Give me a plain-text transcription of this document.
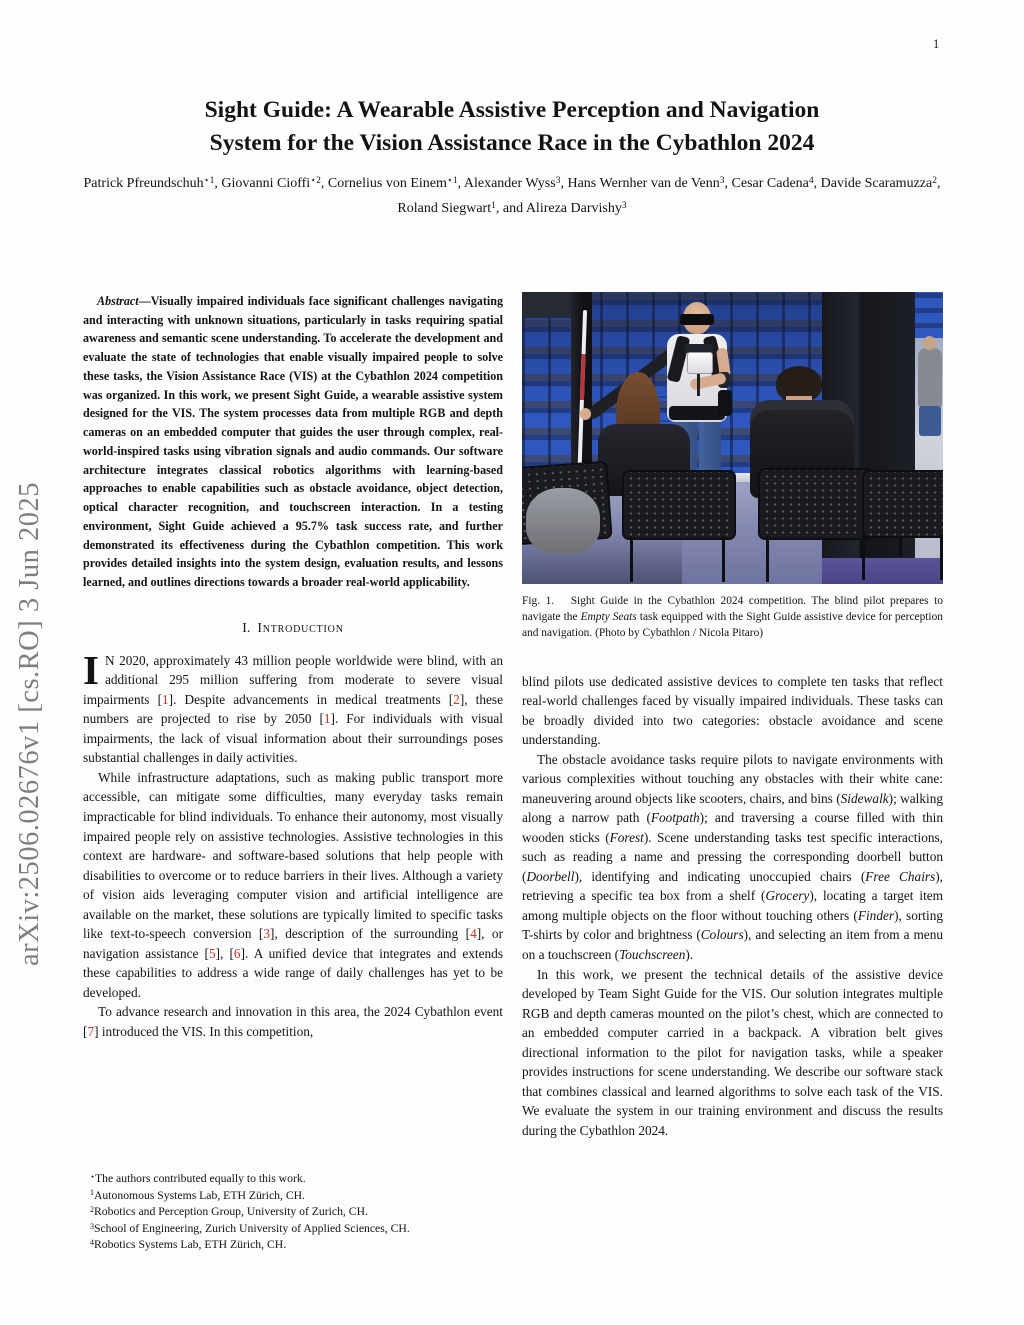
1
arXiv:2506.02676v1 [cs.RO] 3 Jun 2025
Sight Guide: A Wearable Assistive Perception and Navigation
System for the Vision Assistance Race in the Cybathlon 2024
Patrick Pfreundschuh$^{⋆1}$, Giovanni Cioffi$^{⋆2}$, Cornelius von Einem$^{⋆1}$, Alexander Wyss$^3$, Hans Wernher van de Venn$^3$, Cesar Cadena$^4$, Davide Scaramuzza$^2$, Roland Siegwart$^1$, and Alireza Darvishy$^3$
Abstract—Visually impaired individuals face significant challenges navigating and interacting with unknown situations, particularly in tasks requiring spatial awareness and semantic scene understanding. To accelerate the development and evaluate the state of technologies that enable visually impaired people to solve these tasks, the Vision Assistance Race (VIS) at the Cybathlon 2024 competition was organized. In this work, we present Sight Guide, a wearable assistive system designed for the VIS. The system processes data from multiple RGB and depth cameras on an embedded computer that guides the user through complex, real-world-inspired tasks using vibration signals and audio commands. Our software architecture integrates classical robotics algorithms with learning-based approaches to enable capabilities such as obstacle avoidance, object detection, optical character recognition, and touchscreen interaction. In a testing environment, Sight Guide achieved a 95.7% task success rate, and further demonstrated its effectiveness during the Cybathlon competition. This work provides detailed insights into the system design, evaluation results, and lessons learned, and outlines directions towards a broader real-world applicability.
I. Introduction

I N 2020, approximately 43 million people worldwide were blind, with an additional 295 million suffering from moderate to severe visual impairments [1]. Despite advancements in medical treatments [2], these numbers are projected to rise by 2050 [1]. For individuals with visual impairments, the lack of visual information about their surroundings poses substantial challenges in daily activities.

While infrastructure adaptations, such as making public transport more accessible, can mitigate some difficulties, many everyday tasks remain impracticable for blind individuals. To enhance their autonomy, most visually impaired people rely on assistive technologies. Assistive technologies in this context are hardware- and software-based solutions that help people with disabilities to overcome or to reduce barriers in their lives. Although a variety of vision aids leveraging computer vision and artificial intelligence are available on the market, these solutions are typically limited to specific tasks like text-to-speech conversion [3], description of the surrounding [4], or navigation assistance [5], [6]. A unified device that integrates and extends these capabilities to address a wide range of daily challenges has yet to be developed.

To advance research and innovation in this area, the 2024 Cybathlon event [7] introduced the VIS. In this competition,

Fig. 1.   Sight Guide in the Cybathlon 2024 competition. The blind pilot prepares to navigate the Empty Seats task equipped with the Sight Guide assistive device for perception and navigation. (Photo by Cybathlon / Nicola Pitaro)

blind pilots use dedicated assistive devices to complete ten tasks that reflect real-world challenges faced by visually impaired individuals. These tasks can be broadly divided into two categories: obstacle avoidance and scene understanding.

The obstacle avoidance tasks require pilots to navigate environments with various complexities without touching any obstacles with their white cane: maneuvering around objects like scooters, chairs, and bins (Sidewalk); walking along a narrow path (Footpath); and traversing a course filled with thin wooden sticks (Forest). Scene understanding tasks test specific interactions, such as reading a name and pressing the corresponding doorbell button (Doorbell), identifying and indicating unoccupied chairs (Free Chairs), retrieving a specific tea box from a shelf (Grocery), locating a target item among multiple objects on the floor without touching others (Finder), sorting T-shirts by color and brightness (Colours), and selecting an item from a menu on a touchscreen (Touchscreen).

In this work, we present the technical details of the assistive device developed by Team Sight Guide for the VIS. Our solution integrates multiple RGB and depth cameras mounted on the pilot’s chest, which are connected to an embedded computer carried in a backpack. A vibration belt gives directional information to the pilot for navigation tasks, while a speaker provides instructions for scene understanding. We describe our software stack that combines classical and learned algorithms to solve each task of the VIS. We evaluate the system in our training environment and discuss the results during the Cybathlon 2024.

⋆The authors contributed equally to this work.
$^1$Autonomous Systems Lab, ETH Zürich, CH.
$^2$Robotics and Perception Group, University of Zurich, CH.
$^3$School of Engineering, Zurich University of Applied Sciences, CH.
$^4$Robotics Systems Lab, ETH Zürich, CH.
